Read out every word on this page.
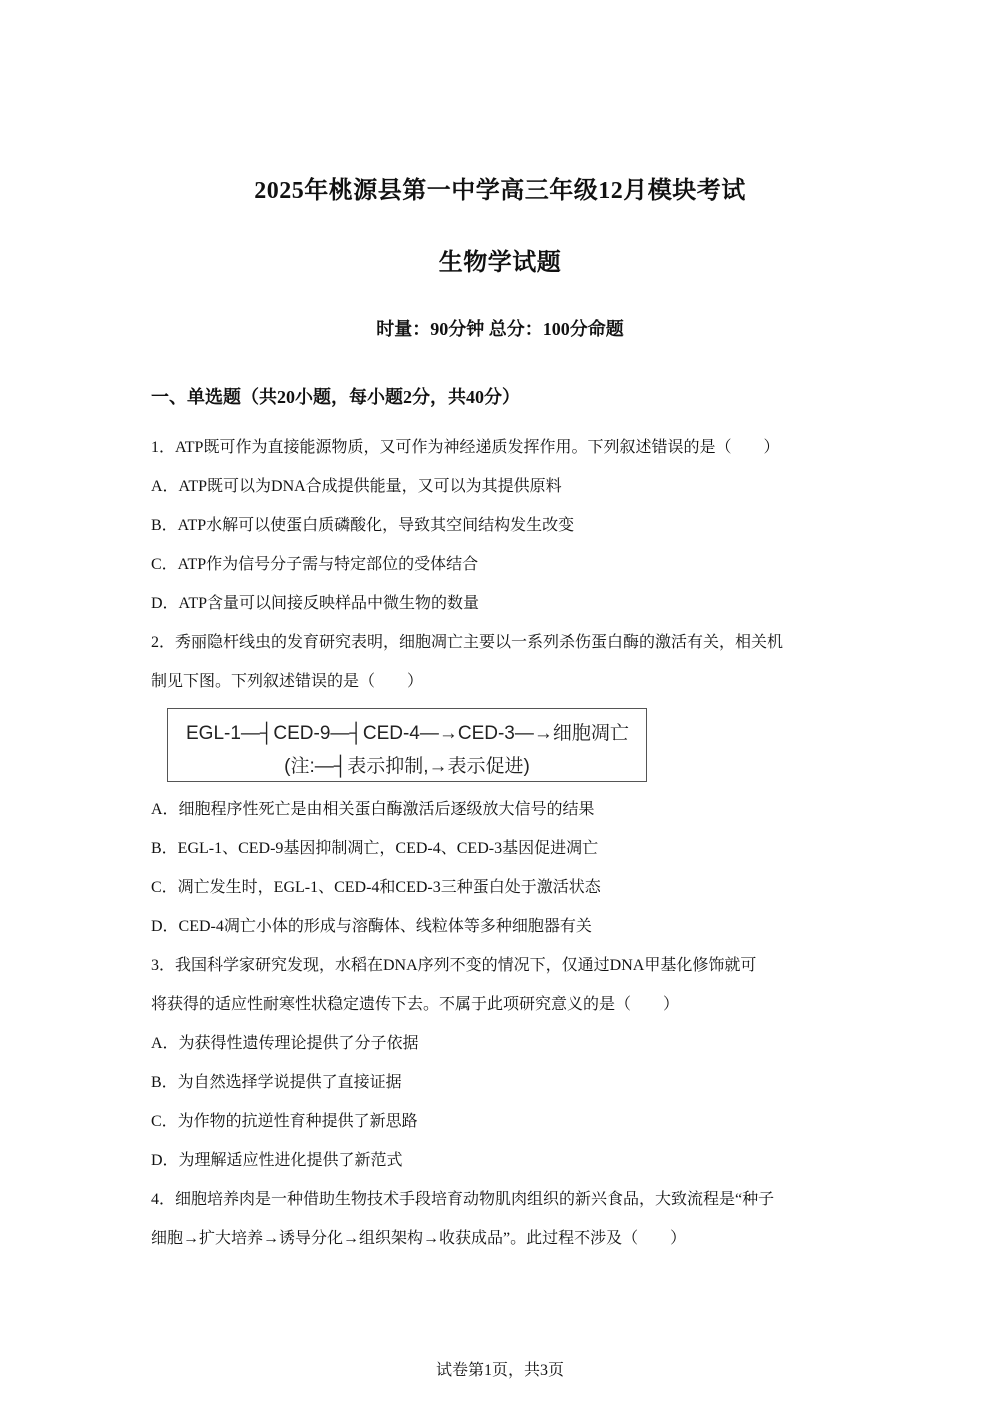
2025年桃源县第一中学高三年级12月模块考试
生物学试题
时量：90分钟 总分：100分命题
一、单选题（共20小题，每小题2分，共40分）
1．ATP既可作为直接能源物质，又可作为神经递质发挥作用。下列叙述错误的是（　　）
A．ATP既可以为DNA合成提供能量，又可以为其提供原料
B．ATP水解可以使蛋白质磷酸化，导致其空间结构发生改变
C．ATP作为信号分子需与特定部位的受体结合
D．ATP含量可以间接反映样品中微生物的数量
2．秀丽隐杆线虫的发育研究表明，细胞凋亡主要以一系列杀伤蛋白酶的激活有关，相关机
制见下图。下列叙述错误的是（　　）
EGL-1—┤CED-9—┤CED-4—→CED-3—→细胞凋亡
(注:—┤表示抑制,→表示促进)
A．细胞程序性死亡是由相关蛋白酶激活后逐级放大信号的结果
B．EGL-1、CED-9基因抑制凋亡，CED-4、CED-3基因促进凋亡
C．凋亡发生时，EGL-1、CED-4和CED-3三种蛋白处于激活状态
D．CED-4凋亡小体的形成与溶酶体、线粒体等多种细胞器有关
3．我国科学家研究发现，水稻在DNA序列不变的情况下，仅通过DNA甲基化修饰就可
将获得的适应性耐寒性状稳定遗传下去。不属于此项研究意义的是（　　）
A．为获得性遗传理论提供了分子依据
B．为自然选择学说提供了直接证据
C．为作物的抗逆性育种提供了新思路
D．为理解适应性进化提供了新范式
4．细胞培养肉是一种借助生物技术手段培育动物肌肉组织的新兴食品，大致流程是“种子
细胞→扩大培养→诱导分化→组织架构→收获成品”。此过程不涉及（　　）
试卷第1页，共3页
